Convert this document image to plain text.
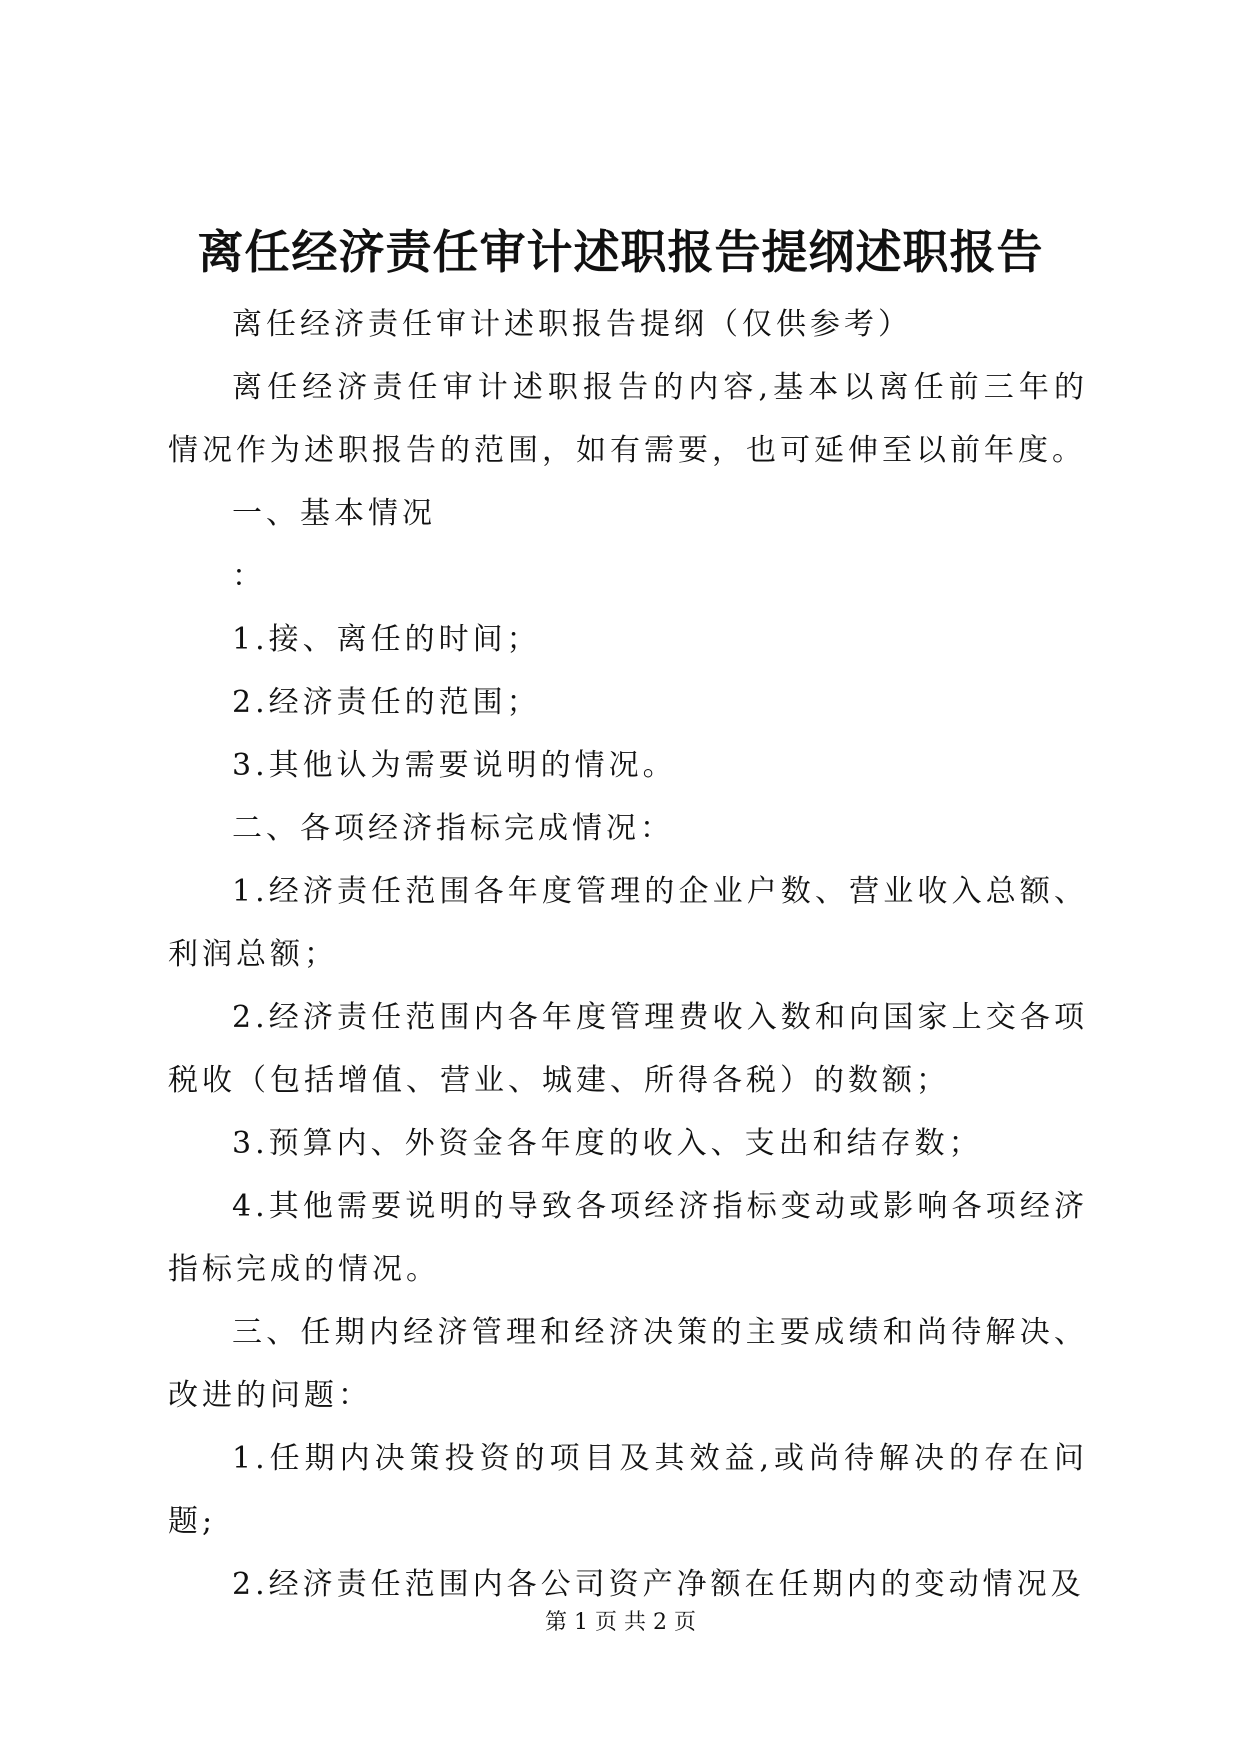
离任经济责任审计述职报告提纲述职报告

离任经济责任审计述职报告提纲（仅供参考）

离任经济责任审计述职报告的内容,基本以离任前三年的情况作为述职报告的范围，如有需要，也可延伸至以前年度。

一、基本情况

：

1.接、离任的时间；

2.经济责任的范围；

3.其他认为需要说明的情况。

二、各项经济指标完成情况：

1.经济责任范围各年度管理的企业户数、营业收入总额、利润总额；

2.经济责任范围内各年度管理费收入数和向国家上交各项税收（包括增值、营业、城建、所得各税）的数额；

3.预算内、外资金各年度的收入、支出和结存数；

4.其他需要说明的导致各项经济指标变动或影响各项经济指标完成的情况。

三、任期内经济管理和经济决策的主要成绩和尚待解决、改进的问题：

1.任期内决策投资的项目及其效益,或尚待解决的存在问题;

2.经济责任范围内各公司资产净额在任期内的变动情况及

第 1 页 共 2 页
